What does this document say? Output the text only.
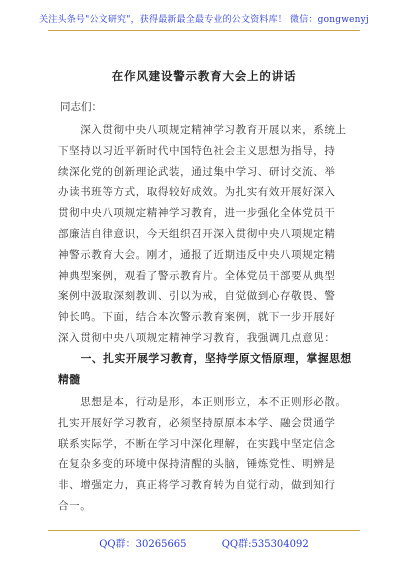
关注头条号"公文研究"，获得最新最全最专业的公文资料库！ 微信：gongwenyj
在作风建设警示教育大会上的讲话
同志们：
　　深入贯彻中央八项规定精神学习教育开展以来，系统上
下坚持以习近平新时代中国特色社会主义思想为指导，持
续深化党的创新理论武装，通过集中学习、研讨交流、举
办读书班等方式，取得较好成效。为扎实有效开展好深入
贯彻中央八项规定精神学习教育，进一步强化全体党员干
部廉洁自律意识，今天组织召开深入贯彻中央八项规定精
神警示教育大会。刚才，通报了近期违反中央八项规定精
神典型案例，观看了警示教育片。全体党员干部要从典型
案例中汲取深刻教训、引以为戒，自觉做到心存敬畏、警
钟长鸣。下面，结合本次警示教育案例，就下一步开展好
深入贯彻中央八项规定精神学习教育，我强调几点意见：
　　一、扎实开展学习教育，坚持学原文悟原理，掌握思想
精髓
　　思想是本，行动是形，本正则形立，本不正则形必散。
扎实开展好学习教育，必须坚持原原本本学、融会贯通学
联系实际学，不断在学习中深化理解，在实践中坚定信念
在复杂多变的环境中保持清醒的头脑，锤炼党性、明辨是
非、增强定力，真正将学习教育转为自觉行动，做到知行
合一。
QQ群：30265665	QQ群:535304092
